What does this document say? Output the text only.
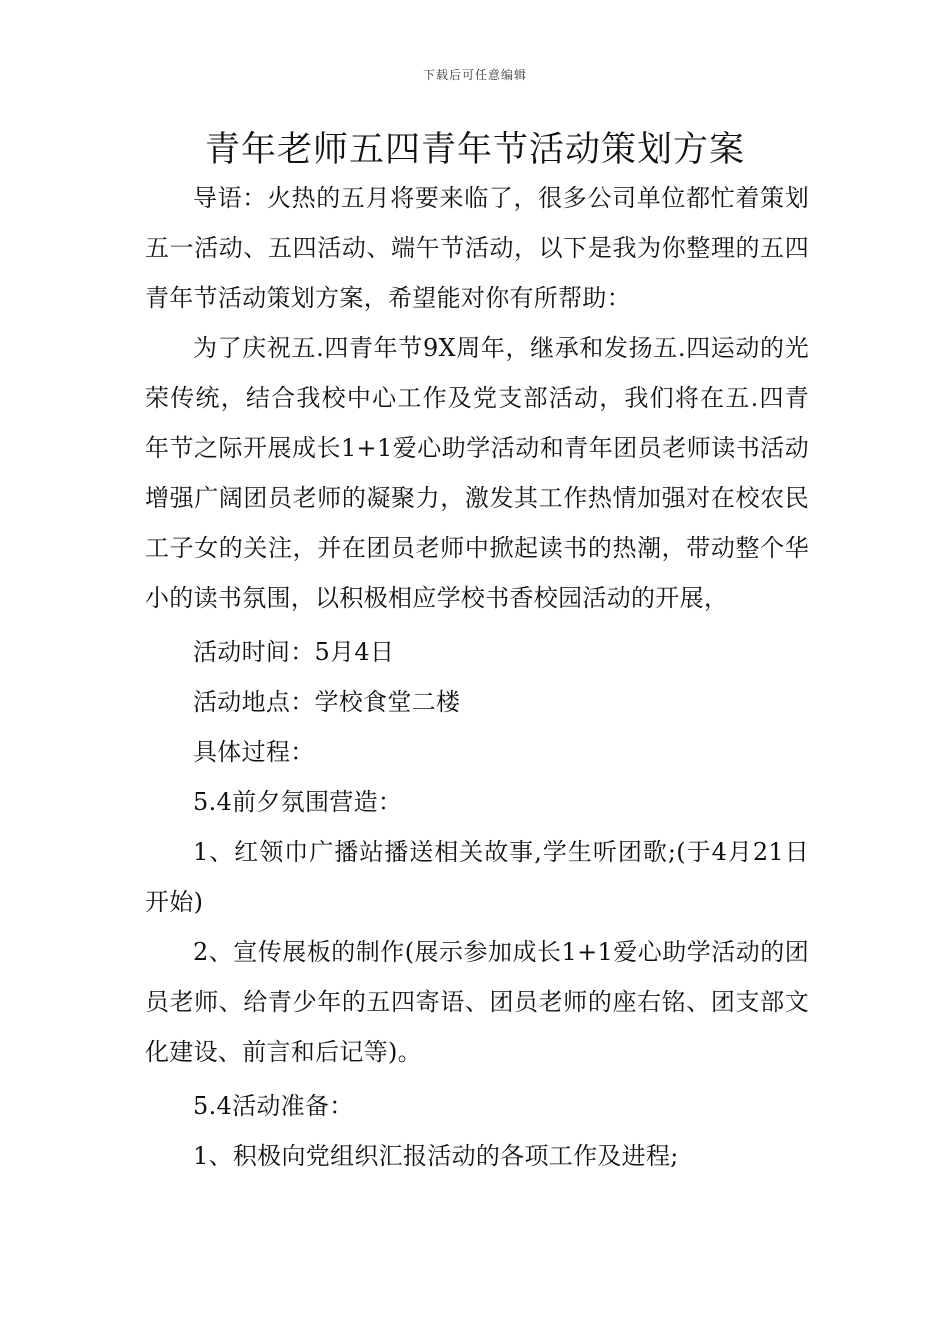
下载后可任意编辑
青年老师五四青年节活动策划方案

导语：火热的五月将要来临了，很多公司单位都忙着策划五一活动、五四活动、端午节活动，以下是我为你整理的五四青年节活动策划方案，希望能对你有所帮助：

为了庆祝五.四青年节9X周年，继承和发扬五.四运动的光荣传统，结合我校中心工作及党支部活动，我们将在五.四青年节之际开展成长1+1爱心助学活动和青年团员老师读书活动增强广阔团员老师的凝聚力，激发其工作热情加强对在校农民工子女的关注，并在团员老师中掀起读书的热潮，带动整个华小的读书氛围，以积极相应学校书香校园活动的开展，

活动时间：5月4日

活动地点：学校食堂二楼

具体过程：

5.4前夕氛围营造：

1、红领巾广播站播送相关故事,学生听团歌;(于4月21日开始)

2、宣传展板的制作(展示参加成长1+1爱心助学活动的团员老师、给青少年的五四寄语、团员老师的座右铭、团支部文化建设、前言和后记等)。

5.4活动准备：

1、积极向党组织汇报活动的各项工作及进程;
